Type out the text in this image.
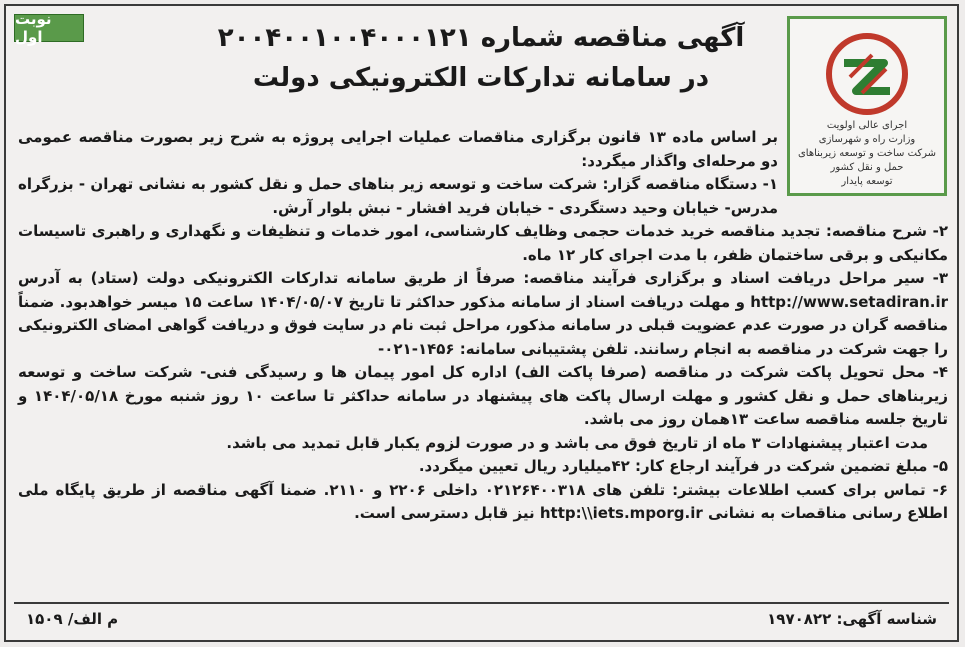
نوبت اول
اجرای عالی اولویت
وزارت راه و شهرسازی
شرکت ساخت و توسعه زیربناهای حمل و نقل کشور
توسعه پایدار
آگهی مناقصه شماره ۲۰۰۴۰۰۱۰۰۴۰۰۰۱۲۱
در سامانه تدارکات الکترونیکی دولت

بر اساس ماده ۱۳ قانون برگزاری مناقصات عملیات اجرایی پروژه به شرح زیر بصورت مناقصه عمومی دو مرحله‌ای واگذار میگردد:

۱- دستگاه مناقصه گزار: شرکت ساخت و توسعه زیر بناهای حمل و نقل کشور به نشانی تهران - بزرگراه مدرس- خیابان وحید دستگردی - خیابان فرید افشار - نبش بلوار آرش.

۲- شرح مناقصه: تجدید مناقصه خرید خدمات حجمی وظایف کارشناسی، امور خدمات و تنظیفات و نگهداری و راهبری تاسیسات مکانیکی و برقی ساختمان ظفر، با مدت اجرای کار ۱۲ ماه.

۳- سیر مراحل دریافت اسناد و برگزاری فرآیند مناقصه: صرفاً از طریق سامانه تدارکات الکترونیکی دولت (ستاد) به آدرس http://www.setadiran.ir و مهلت دریافت اسناد از سامانه مذکور حداکثر تا تاریخ ۱۴۰۴/۰۵/۰۷ ساعت ۱۵ میسر خواهدبود. ضمناً مناقصه گران در صورت عدم عضویت قبلی در سامانه مذکور، مراحل ثبت نام در سایت فوق و دریافت گواهی امضای الکترونیکی را جهت شرکت در مناقصه به انجام رسانند. تلفن پشتیبانی سامانه: ۱۴۵۶-۰۲۱-

۴- محل تحویل پاکت شرکت در مناقصه (صرفا پاکت الف) اداره کل امور پیمان ها و رسیدگی فنی- شرکت ساخت و توسعه زیربناهای حمل و نقل کشور و مهلت ارسال پاکت های پیشنهاد در سامانه حداکثر تا ساعت ۱۰ روز شنبه مورخ ۱۴۰۴/۰۵/۱۸ و تاریخ جلسه مناقصه ساعت ۱۳همان روز می باشد.

مدت اعتبار پیشنهادات ۳ ماه از تاریخ فوق می باشد و در صورت لزوم یکبار قابل تمدید می باشد.

۵- مبلغ تضمین شرکت در فرآیند ارجاع کار: ۴۲میلیارد ریال تعیین میگردد.

۶- تماس برای کسب اطلاعات بیشتر: تلفن های ۰۲۱۲۶۴۰۰۳۱۸ داخلی ۲۲۰۶ و ۲۱۱۰. ضمنا آگهی مناقصه از طریق پایگاه ملی اطلاع رسانی مناقصات به نشانی http:\\iets.mporg.ir نیز قابل دسترسی است.

م الف/ ۱۵۰۹	شناسه آگهی: ۱۹۷۰۸۲۲
